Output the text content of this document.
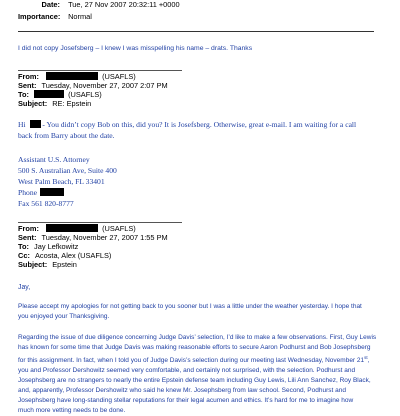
Date: Tue, 27 Nov 2007 20:32:11 +0000
Importance: Normal
I did not copy Josefsberg – I knew I was misspelling his name – drats. Thanks
From:	(USAFLS)
Sent: Tuesday, November 27, 2007 2:07 PM
To:	(USAFLS)
Subject: RE: Epstein
Hi - You didn’t copy Bob on this, did you? It is Josefsberg. Otherwise, great e-mail. I am waiting for a call
back from Barry about the date.
Assistant U.S. Attorney
500 S. Australian Ave, Suite 400
West Palm Beach, FL 33401
Phone
Fax 561 820-8777
From:	(USAFLS)
Sent: Tuesday, November 27, 2007 1:55 PM
To: Jay Lefkowitz
Cc: Acosta, Alex (USAFLS)
Subject: Epstein
Jay,
Please accept my apologies for not getting back to you sooner but I was a little under the weather yesterday. I hope that
you enjoyed your Thanksgiving.
Regarding the issue of due diligence concerning Judge Davis’ selection, I’d like to make a few observations. First, Guy Lewis
has known for some time that Judge Davis was making reasonable efforts to secure Aaron Podhurst and Bob Josephsberg
for this assignment. In fact, when I told you of Judge Davis’s selection during our meeting last Wednesday, November 21st,
you and Professor Dershowitz seemed very comfortable, and certainly not surprised, with the selection. Podhurst and
Josephsberg are no strangers to nearly the entire Epstein defense team including Guy Lewis, Lili Ann Sanchez, Roy Black,
and, apparently, Professor Dershowitz who said he knew Mr. Josephsberg from law school. Second, Podhurst and
Josephsberg have long-standing stellar reputations for their legal acumen and ethics. It’s hard for me to imagine how
much more vetting needs to be done.
